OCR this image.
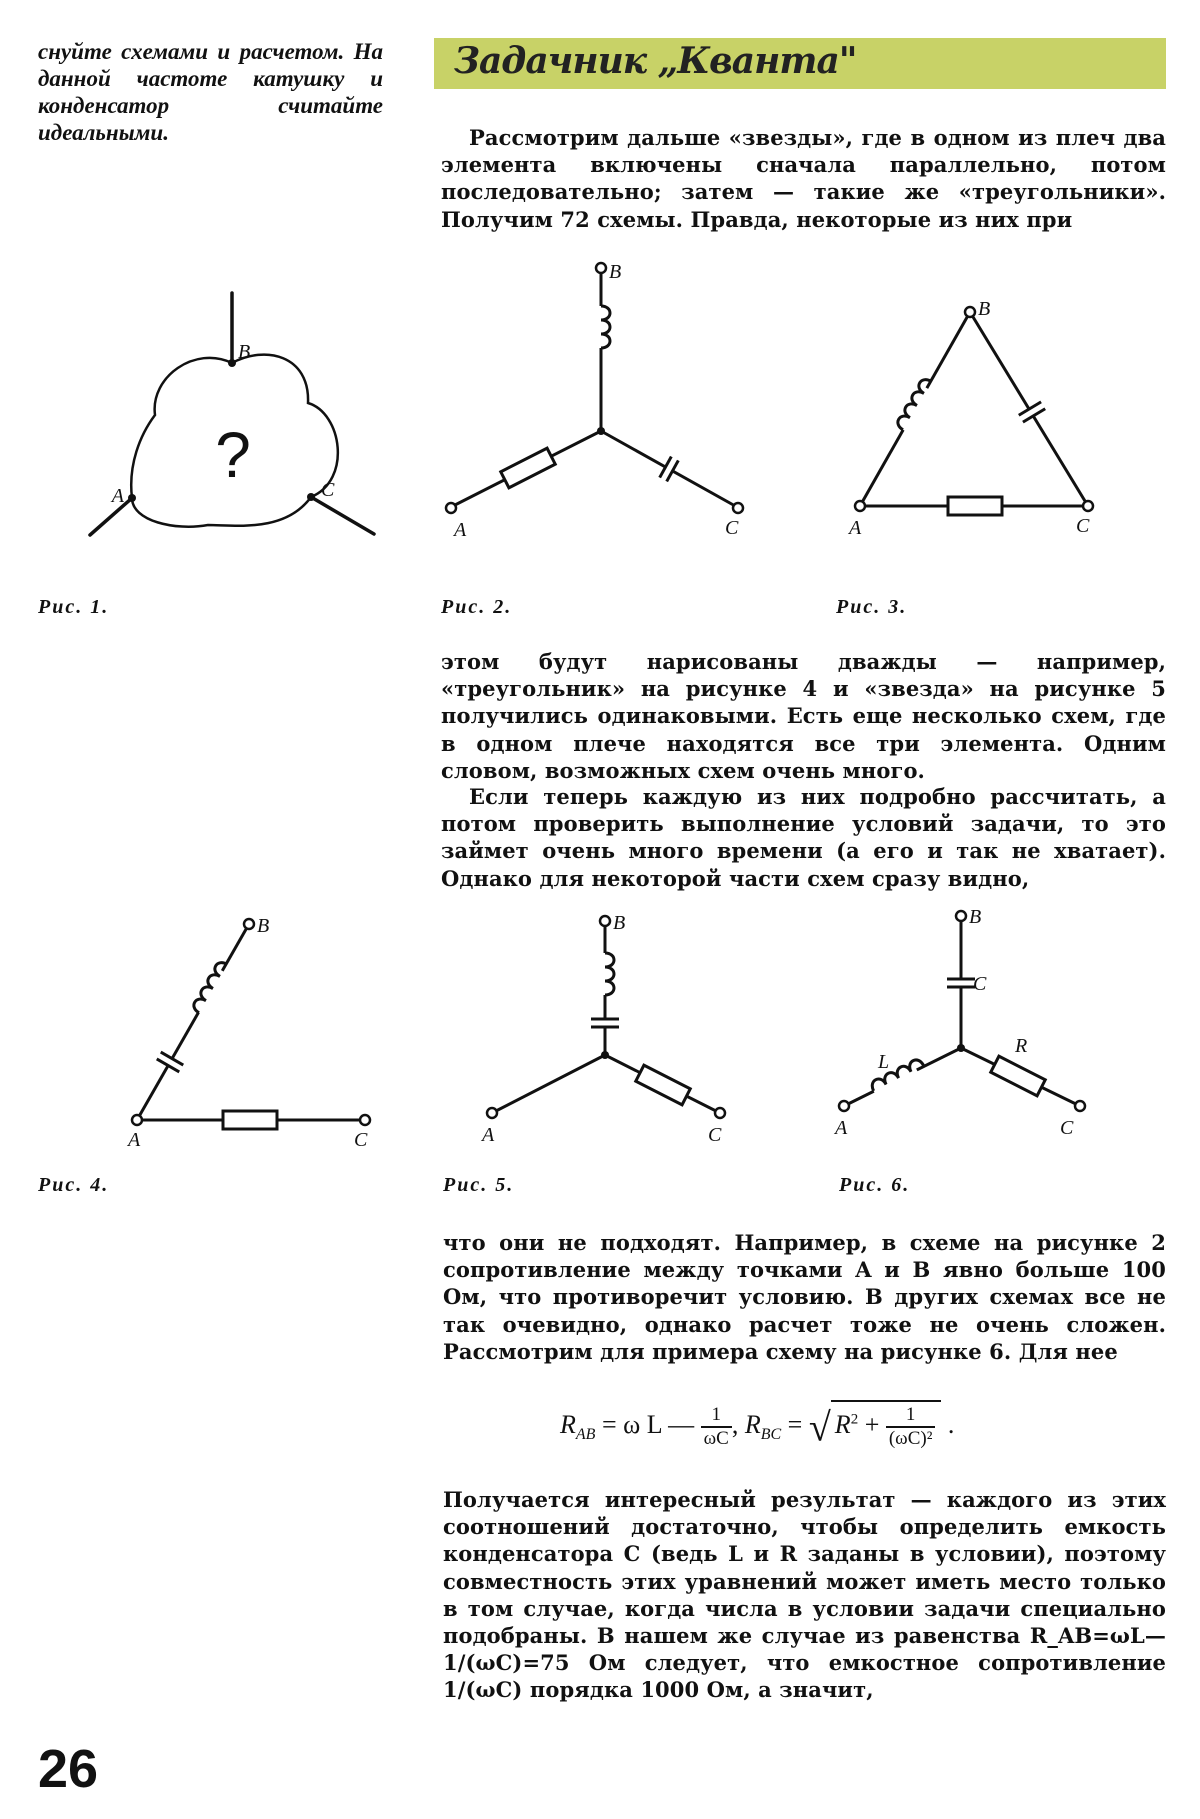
снуйте схемами и расчетом. На данной частоте катушку и конденсатор считайте идеальными.
Задачник „Кванта"
Рассмотрим дальше «звезды», где в одном из плеч два элемента включены сначала параллельно, потом последовательно; затем — такие же «треугольники». Получим 72 схемы. Правда, некоторые из них при
B
A	C
?
B
A	C
B
A	C
Рис. 1.	Рис. 2.	Рис. 3.
этом будут нарисованы дважды — например, «треугольник» на рисунке 4 и «звезда» на рисунке 5 получились одинаковыми. Есть еще несколько схем, где в одном плече находятся все три элемента. Одним словом, возможных схем очень много.
Если теперь каждую из них подробно рассчитать, а потом проверить выполнение условий задачи, то это займет очень много времени (а его и так не хватает). Однако для некоторой части схем сразу видно,
B
A	C
B
A	C
B
C
L
R
A	C
Рис. 4.	Рис. 5.	Рис. 6.
что они не подходят. Например, в схеме на рисунке 2 сопротивление между точками A и B явно больше 100 Ом, что противоречит условию. В других схемах все не так очевидно, однако расчет тоже не очень сложен. Рассмотрим для примера схему на рисунке 6. Для нее
$R_{AB} = \omega$ L — $\frac{1}{\omega C}$ , $R_{BC}$ = √ $R^2 + \frac{1}{\text{(ωC)²}}$ .
Получается интересный результат — каждого из этих соотношений достаточно, чтобы определить емкость конденсатора C (ведь L и R заданы в условии), поэтому совместность этих уравнений может иметь место только в том случае, когда числа в условии задачи специально подобраны. В нашем же случае из равенства R_AB=ωL—1/(ωC)=75 Ом следует, что емкостное сопротивление 1/(ωC) порядка 1000 Ом, а значит,
26
